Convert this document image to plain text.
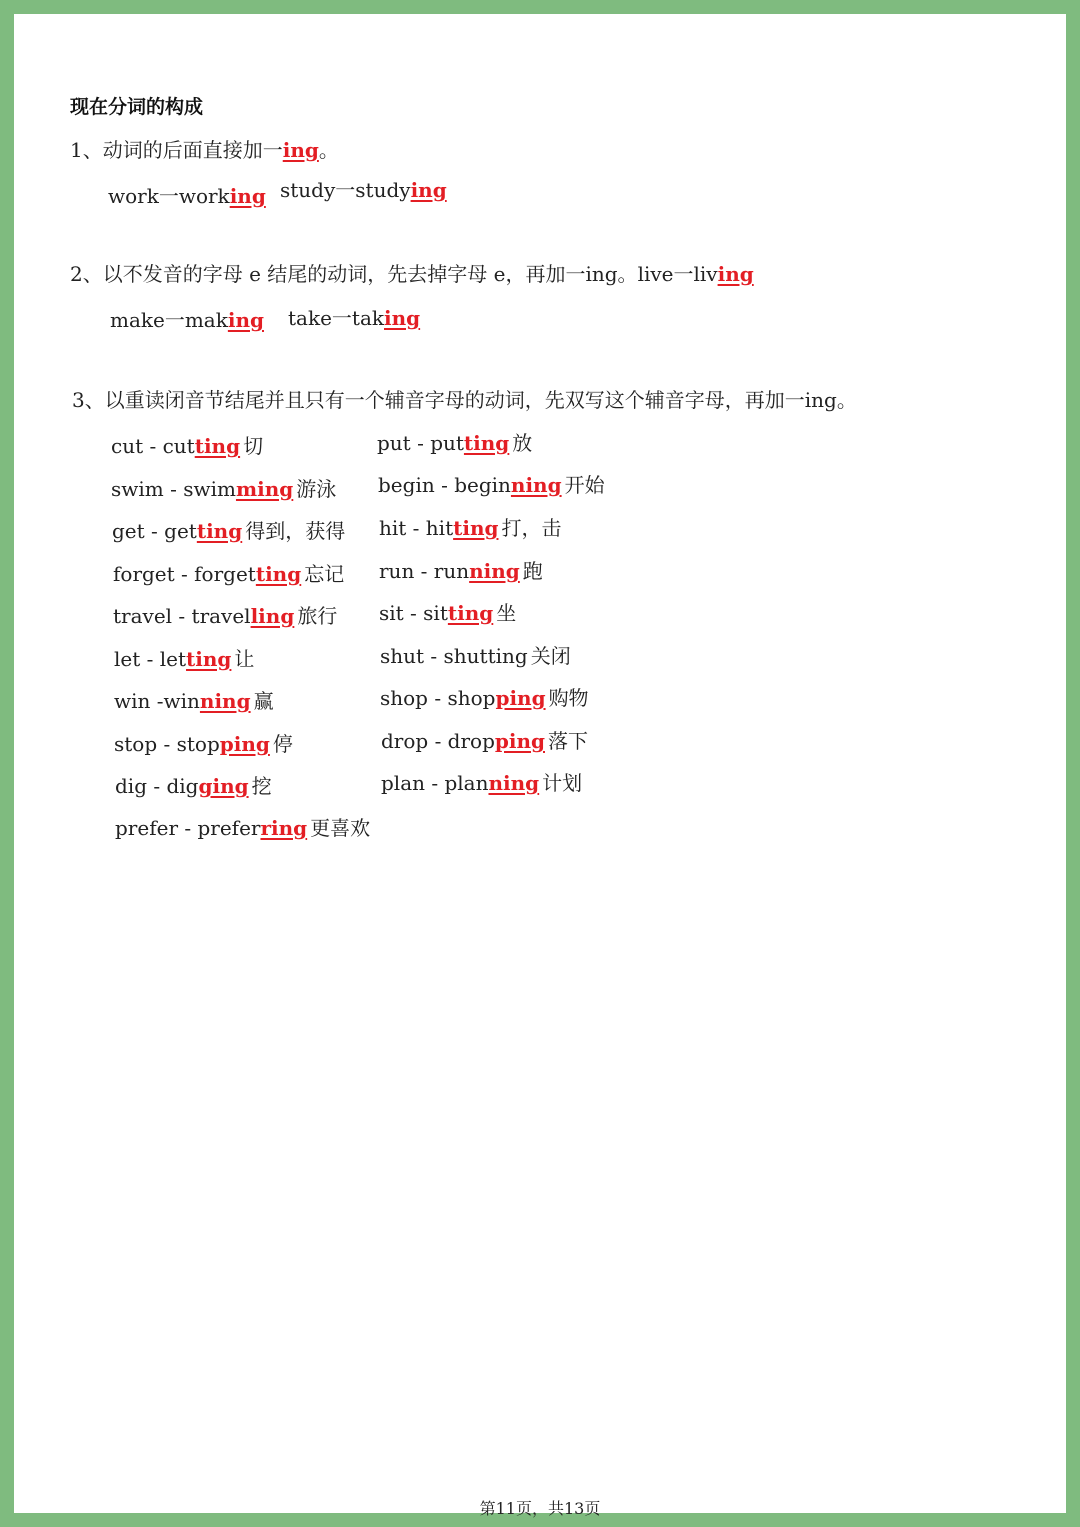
现在分词的构成
1、动词的后面直接加一ing。
work一working study一studying
2、以不发音的字母 e 结尾的动词，先去掉字母 e，再加一ing。live一living
make一making take一taking
3、以重读闭音节结尾并且只有一个辅音字母的动词，先双写这个辅音字母，再加一ing。
cut - cutting 切
swim - swimming 游泳
get - getting 得到，获得
forget - forgetting 忘记
travel - travelling 旅行
let - letting 让
win -winning 赢
stop - stopping 停
dig - digging 挖
prefer - preferring 更喜欢
put - putting 放
begin - beginning 开始
hit - hitting 打，击
run - running 跑
sit - sitting 坐
shut - shutting 关闭
shop - shopping 购物
drop - dropping 落下
plan - planning 计划
第11页，共13页
